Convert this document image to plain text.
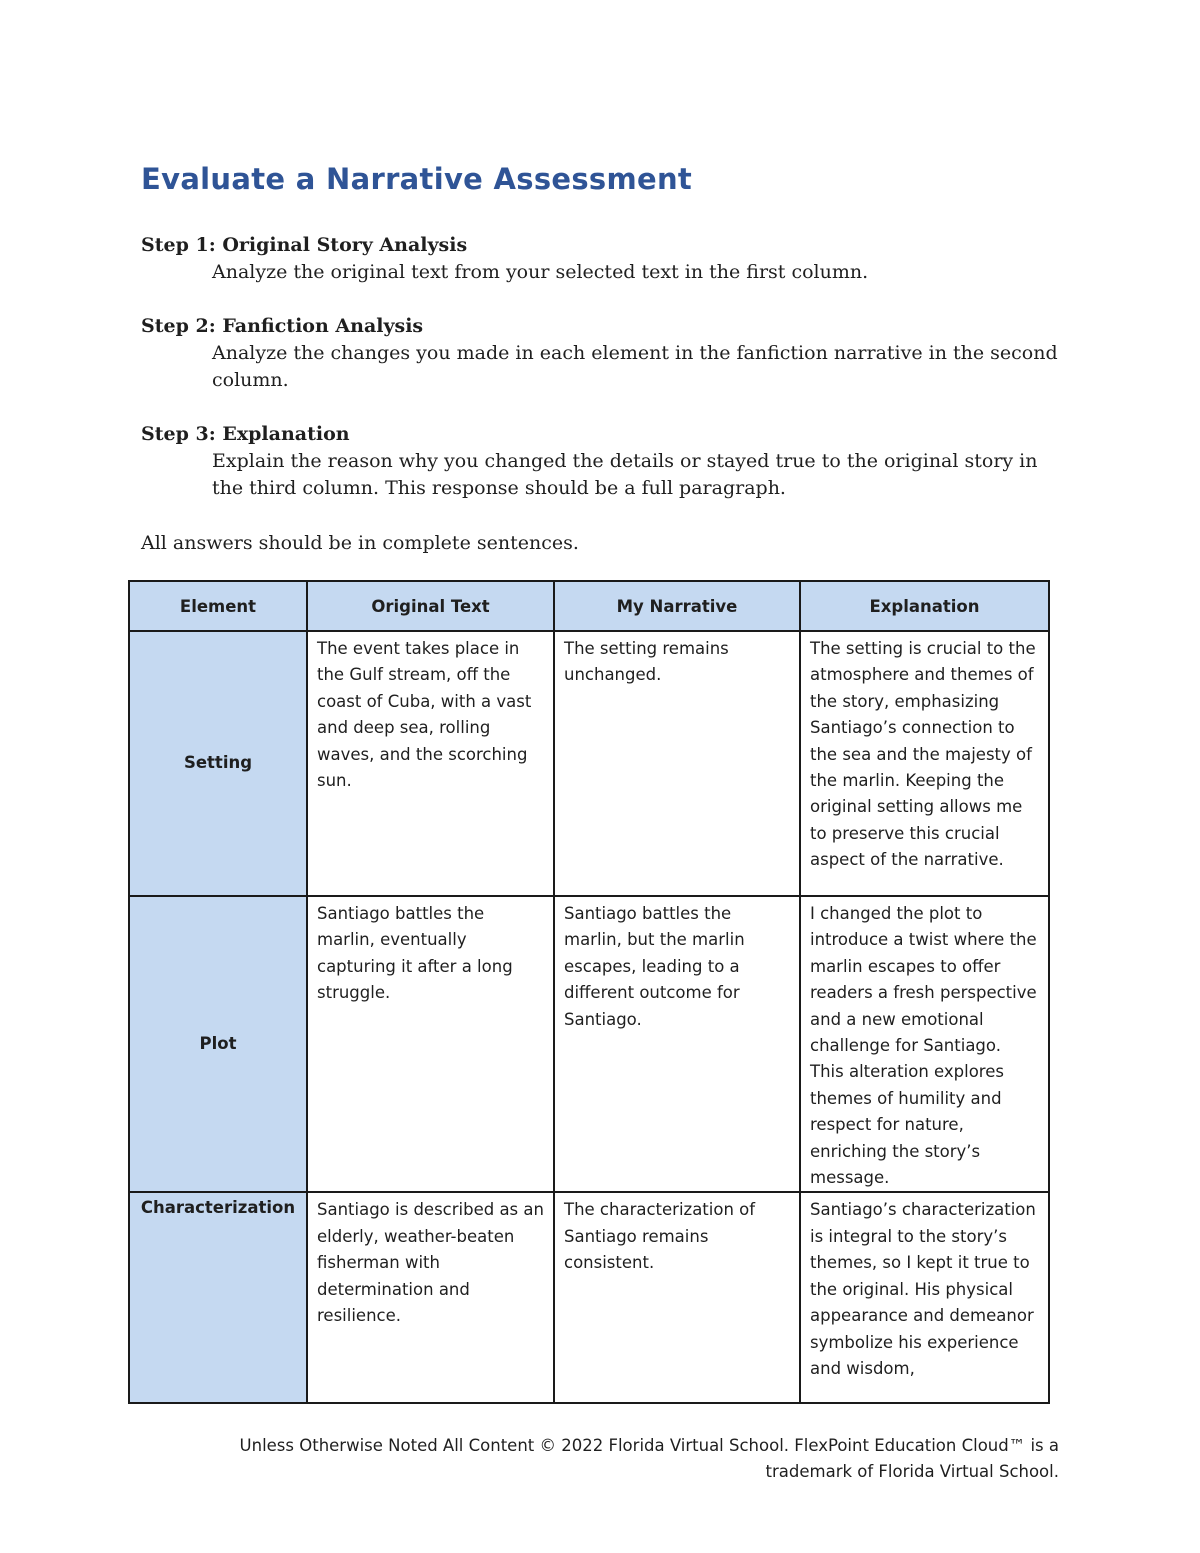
Evaluate a Narrative Assessment
Step 1: Original Story Analysis
Analyze the original text from your selected text in the first column.
Step 2: Fanfiction Analysis
Analyze the changes you made in each element in the fanfiction narrative in the second column.
Step 3: Explanation
Explain the reason why you changed the details or stayed true to the original story in the third column. This response should be a full paragraph.
All answers should be in complete sentences.
Element	Original Text	My Narrative	Explanation
Setting	The event takes place in the Gulf stream, off the coast of Cuba, with a vast and deep sea, rolling waves, and the scorching sun.	The setting remains unchanged.	The setting is crucial to the atmosphere and themes of the story, emphasizing Santiago’s connection to the sea and the majesty of the marlin. Keeping the original setting allows me to preserve this crucial aspect of the narrative.
Plot	Santiago battles the marlin, eventually capturing it after a long struggle.	Santiago battles the marlin, but the marlin escapes, leading to a different outcome for Santiago.	I changed the plot to introduce a twist where the marlin escapes to offer readers a fresh perspective and a new emotional challenge for Santiago. This alteration explores themes of humility and respect for nature, enriching the story’s message.
Characterization	Santiago is described as an elderly, weather-beaten fisherman with determination and resilience.	The characterization of Santiago remains consistent.	Santiago’s characterization is integral to the story’s themes, so I kept it true to the original. His physical appearance and demeanor symbolize his experience and wisdom,
Unless Otherwise Noted All Content © 2022 Florida Virtual School. FlexPoint Education Cloud™ is a trademark of Florida Virtual School.
